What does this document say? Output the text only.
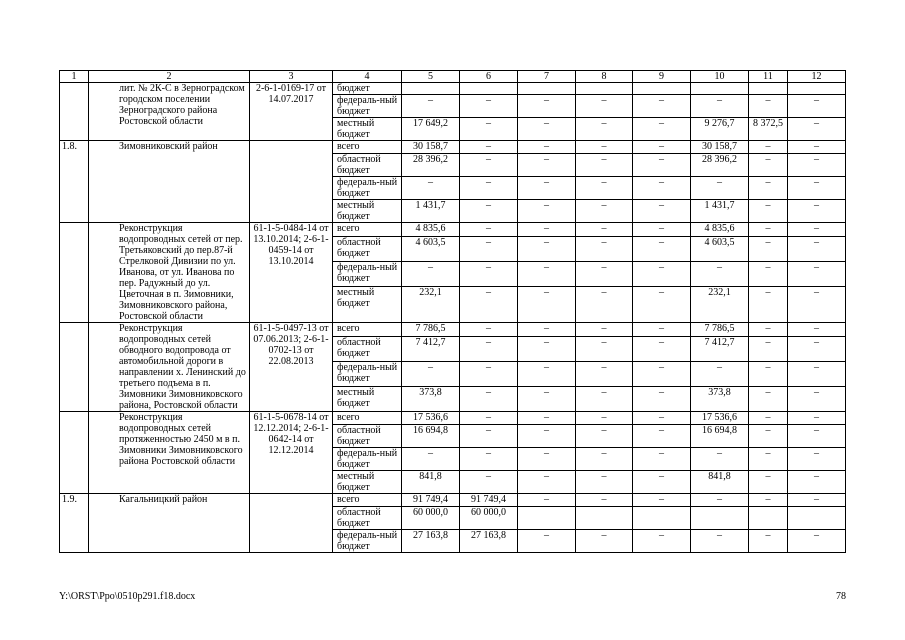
1	2	3	4	5	6	7	8	9	10	11	12
	лит. № 2К-С в Зерноградском городском поселении Зерноградского района Ростовской области	2-6-1-0169-17 от 14.07.2017	бюджет								
			федераль-ный бюджет	–	–	–	–	–	–	–	–
			местный бюджет	17 649,2	–	–	–	–	9 276,7	8 372,5	–
1.8.	Зимовниковский район		всего	30 158,7	–	–	–	–	30 158,7	–	–
			областной бюджет	28 396,2	–	–	–	–	28 396,2	–	–
			федераль-ный бюджет	–	–	–	–	–	–	–	–
			местный бюджет	1 431,7	–	–	–	–	1 431,7	–	–
	Реконструкция водопроводных сетей от пер. Третьяковский до пер.87-й Стрелковой Дивизии по ул. Иванова, от ул. Иванова по пер. Радужный до ул. Цветочная в п. Зимовники, Зимовниковского района, Ростовской области	61-1-5-0484-14 от 13.10.2014; 2-6-1-0459-14 от 13.10.2014	всего	4 835,6	–	–	–	–	4 835,6	–	–
			областной бюджет	4 603,5	–	–	–	–	4 603,5	–	–
			федераль-ный бюджет	–	–	–	–	–	–	–	–
			местный бюджет	232,1	–	–	–	–	232,1	–	–
	Реконструкция водопроводных сетей обводного водопровода от автомобильной дороги в направлении х. Ленинский до третьего подъема в п. Зимовники Зимовниковского района, Ростовской области	61-1-5-0497-13 от 07.06.2013; 2-6-1-0702-13 от 22.08.2013	всего	7 786,5	–	–	–	–	7 786,5	–	–
			областной бюджет	7 412,7	–	–	–	–	7 412,7	–	–
			федераль-ный бюджет	–	–	–	–	–	–	–	–
			местный бюджет	373,8	–	–	–	–	373,8	–	–
	Реконструкция водопроводных сетей протяженностью 2450 м в п. Зимовники Зимовниковского района Ростовской области	61-1-5-0678-14 от 12.12.2014; 2-6-1-0642-14 от 12.12.2014	всего	17 536,6	–	–	–	–	17 536,6	–	–
			областной бюджет	16 694,8	–	–	–	–	16 694,8	–	–
			федераль-ный бюджет	–	–	–	–	–	–	–	–
			местный бюджет	841,8	–	–	–	–	841,8	–	–
1.9.	Кагальницкий район		всего	91 749,4	91 749,4	–	–	–	–	–	–
			областной бюджет	60 000,0	60 000,0						
			федераль-ный бюджет	27 163,8	27 163,8	–	–	–	–	–	–
Y:\ORST\Ppo\0510p291.f18.docx	78
